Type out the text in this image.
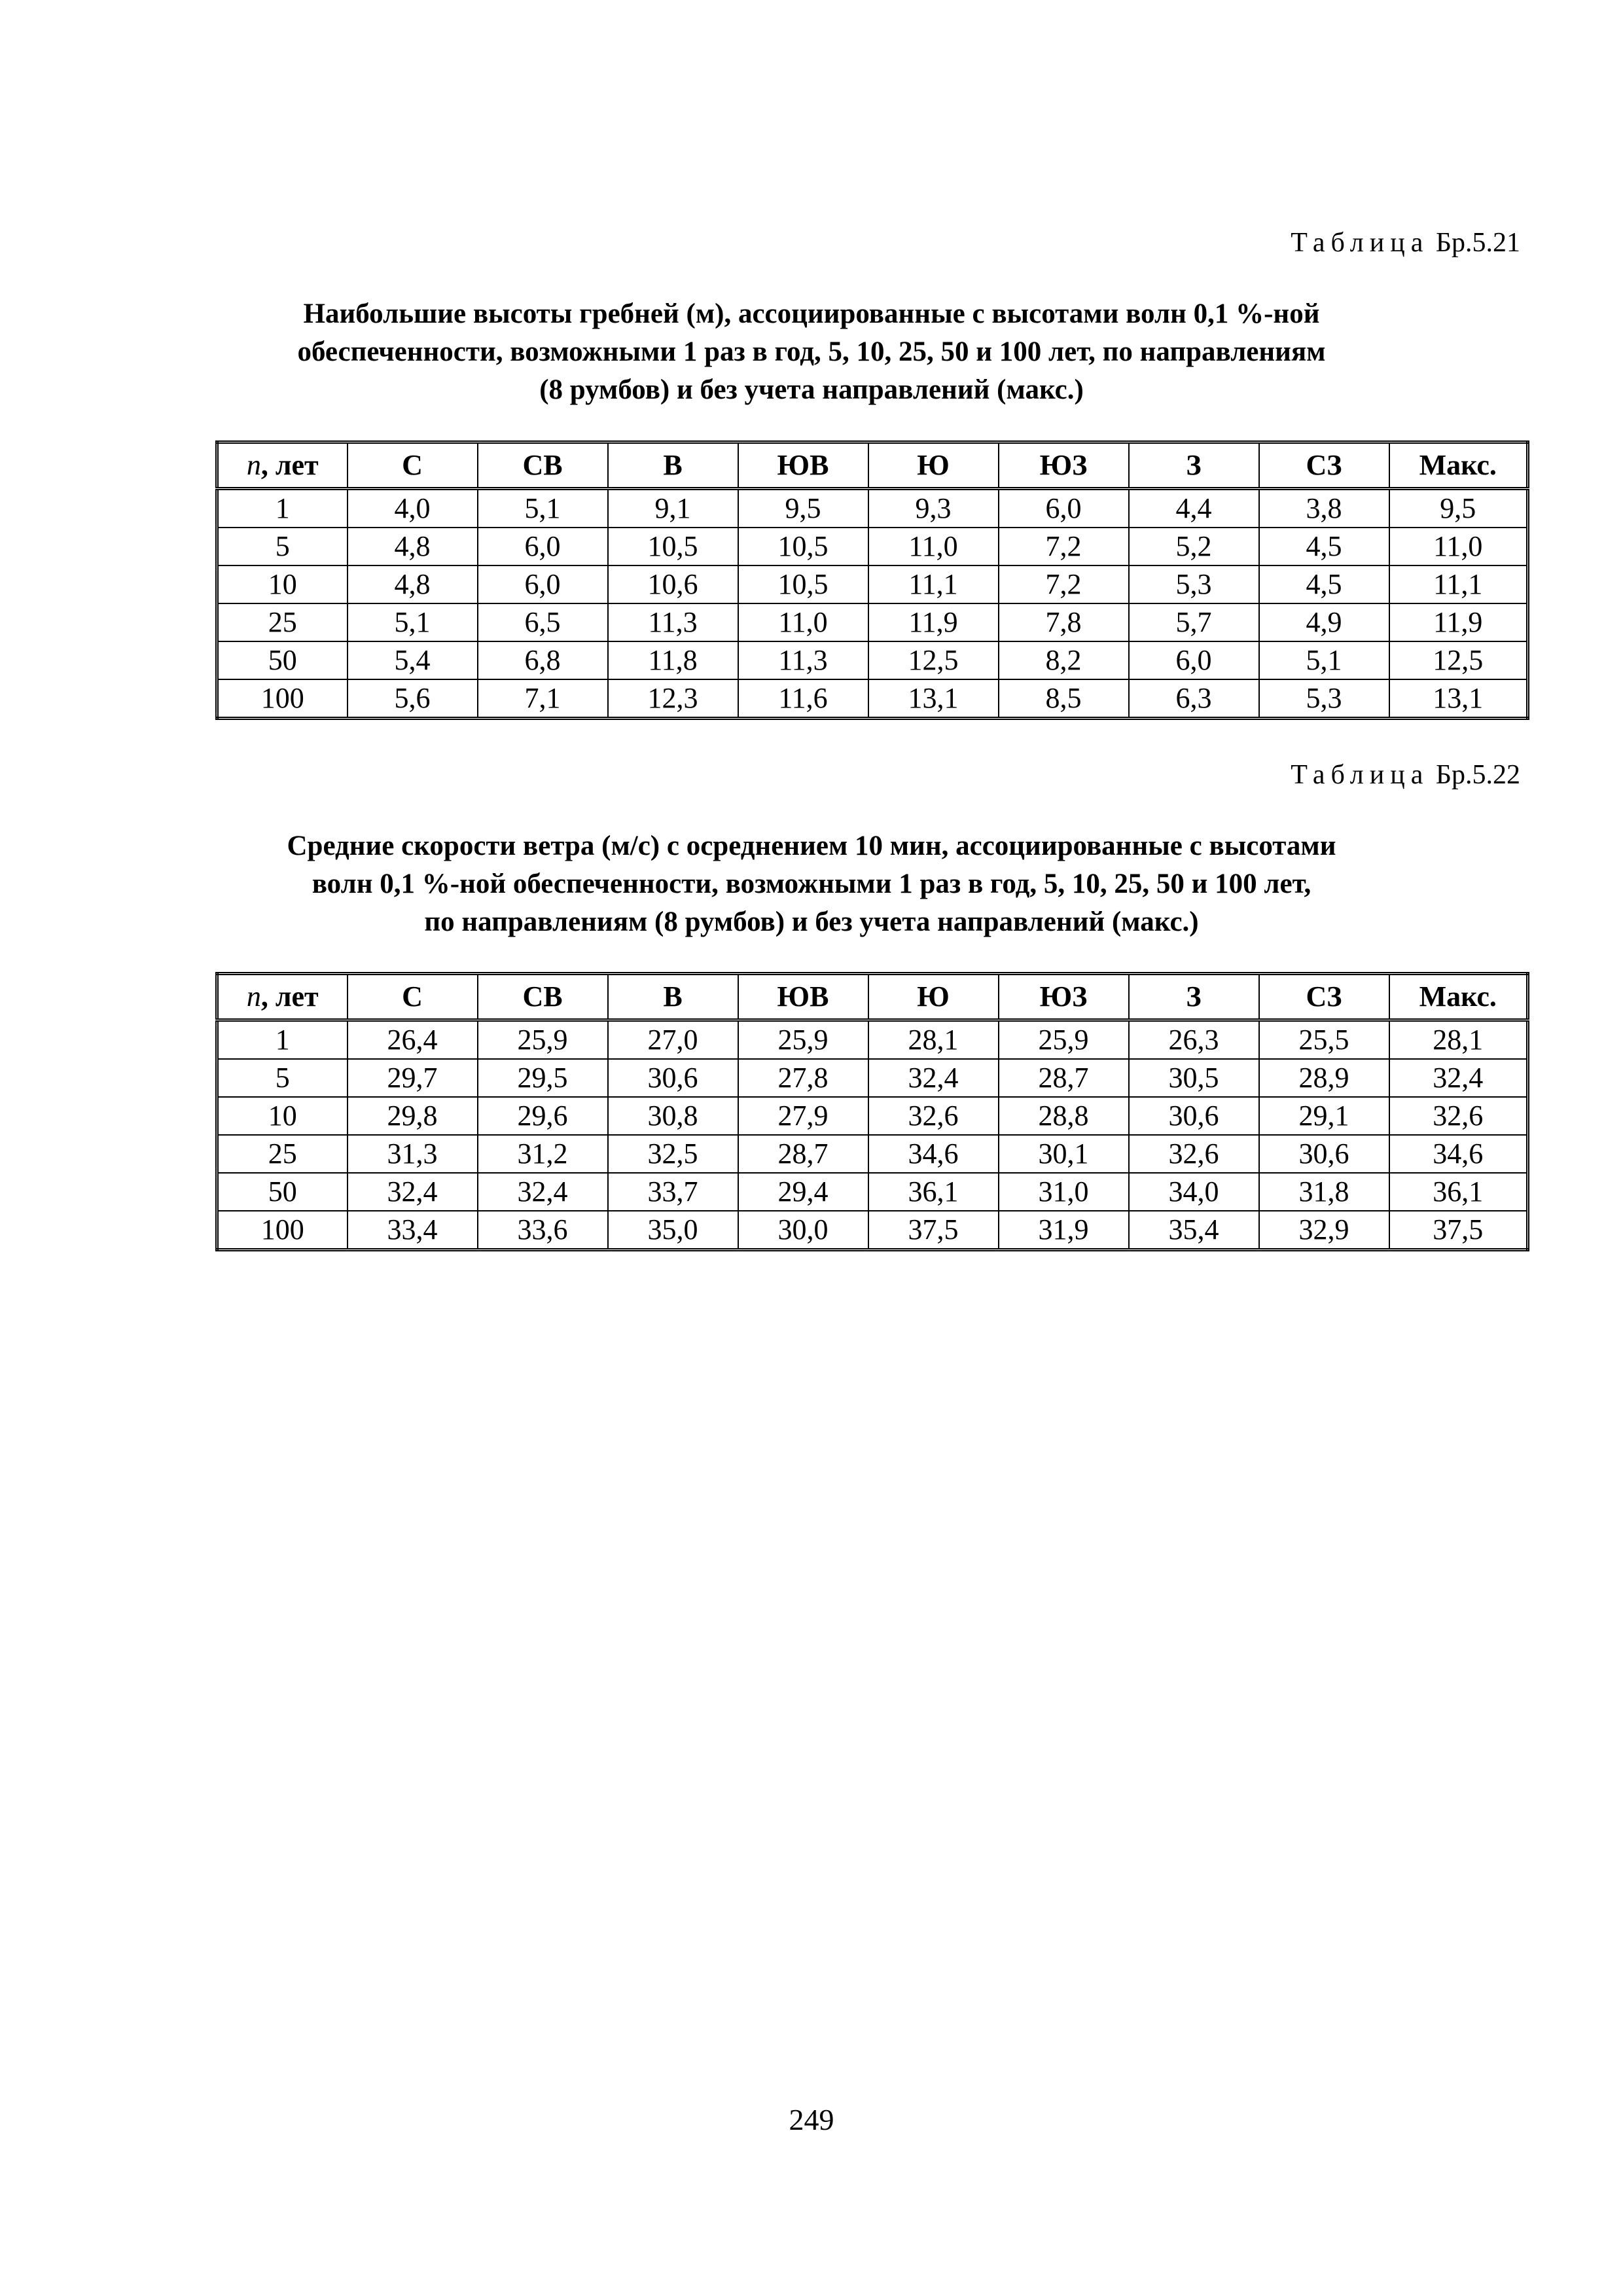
Таблица Бр.5.21
Наибольшие высоты гребней (м), ассоциированные с высотами волн 0,1 %-ной
обеспеченности, возможными 1 раз в год, 5, 10, 25, 50 и 100 лет, по направлениям
(8 румбов) и без учета направлений (макс.)
n, лет	С	СВ	В	ЮВ	Ю	ЮЗ	З	СЗ	Макс.
1	4,0	5,1	9,1	9,5	9,3	6,0	4,4	3,8	9,5
5	4,8	6,0	10,5	10,5	11,0	7,2	5,2	4,5	11,0
10	4,8	6,0	10,6	10,5	11,1	7,2	5,3	4,5	11,1
25	5,1	6,5	11,3	11,0	11,9	7,8	5,7	4,9	11,9
50	5,4	6,8	11,8	11,3	12,5	8,2	6,0	5,1	12,5
100	5,6	7,1	12,3	11,6	13,1	8,5	6,3	5,3	13,1
Таблица Бр.5.22
Средние скорости ветра (м/с) с осреднением 10 мин, ассоциированные с высотами
волн 0,1 %-ной обеспеченности, возможными 1 раз в год, 5, 10, 25, 50 и 100 лет,
по направлениям (8 румбов) и без учета направлений (макс.)
n, лет	С	СВ	В	ЮВ	Ю	ЮЗ	З	СЗ	Макс.
1	26,4	25,9	27,0	25,9	28,1	25,9	26,3	25,5	28,1
5	29,7	29,5	30,6	27,8	32,4	28,7	30,5	28,9	32,4
10	29,8	29,6	30,8	27,9	32,6	28,8	30,6	29,1	32,6
25	31,3	31,2	32,5	28,7	34,6	30,1	32,6	30,6	34,6
50	32,4	32,4	33,7	29,4	36,1	31,0	34,0	31,8	36,1
100	33,4	33,6	35,0	30,0	37,5	31,9	35,4	32,9	37,5
249
